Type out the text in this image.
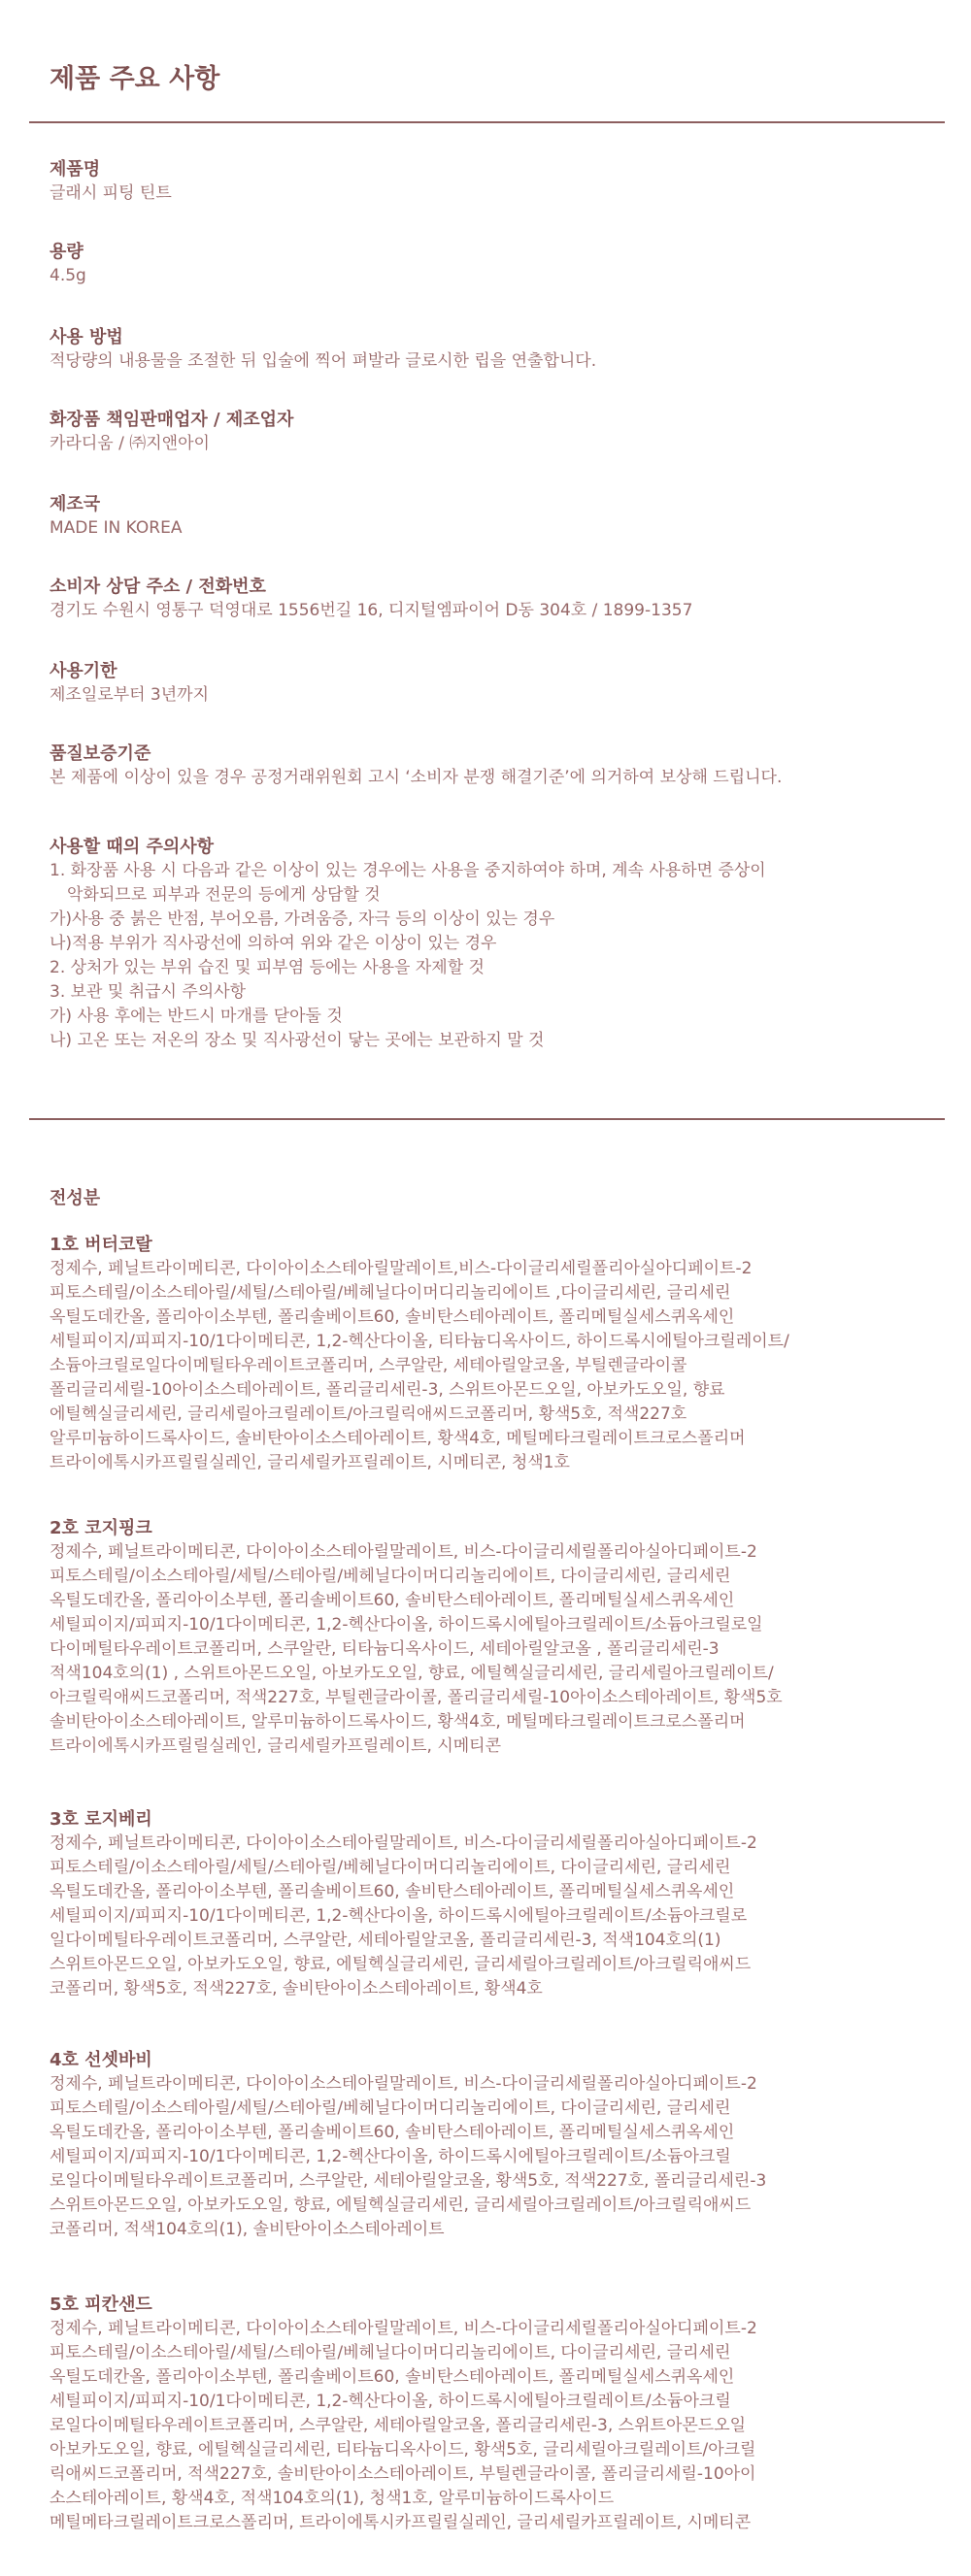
제품 주요 사항
제품명
글래시 피팅 틴트
용량
4.5g
사용 방법
적당량의 내용물을 조절한 뒤 입술에 찍어 펴발라 글로시한 립을 연출합니다.
화장품 책임판매업자 / 제조업자
카라디움 / ㈜지앤아이
제조국
MADE IN KOREA
소비자 상담 주소 / 전화번호
경기도 수원시 영통구 덕영대로 1556번길 16, 디지털엠파이어 D동 304호 / 1899-1357
사용기한
제조일로부터 3년까지
품질보증기준
본 제품에 이상이 있을 경우 공정거래위원회 고시 ‘소비자 분쟁 해결기준’에 의거하여 보상해 드립니다.
사용할 때의 주의사항
1. 화장품 사용 시 다음과 같은 이상이 있는 경우에는 사용을 중지하여야 하며, 계속 사용하면 증상이
악화되므로 피부과 전문의 등에게 상담할 것
가)사용 중 붉은 반점, 부어오름, 가려움증, 자극 등의 이상이 있는 경우
나)적용 부위가 직사광선에 의하여 위와 같은 이상이 있는 경우
2. 상처가 있는 부위 습진 및 피부염 등에는 사용을 자제할 것
3. 보관 및 취급시 주의사항
가) 사용 후에는 반드시 마개를 닫아둘 것
나) 고온 또는 저온의 장소 및 직사광선이 닿는 곳에는 보관하지 말 것
전성분
1호 버터코랄
정제수, 페닐트라이메티콘, 다이아이소스테아릴말레이트,비스-다이글리세릴폴리아실아디페이트-2
피토스테릴/이소스테아릴/세틸/스테아릴/베헤닐다이머디리놀리에이트 ,다이글리세린, 글리세린
옥틸도데칸올, 폴리아이소부텐, 폴리솔베이트60, 솔비탄스테아레이트, 폴리메틸실세스퀴옥세인
세틸피이지/피피지-10/1다이메티콘, 1,2-헥산다이올, 티타늄디옥사이드, 하이드록시에틸아크릴레이트/
소듐아크릴로일다이메틸타우레이트코폴리머, 스쿠알란, 세테아릴알코올, 부틸렌글라이콜
폴리글리세릴-10아이소스테아레이트, 폴리글리세린-3, 스위트아몬드오일, 아보카도오일, 향료
에틸헥실글리세린, 글리세릴아크릴레이트/아크릴릭애씨드코폴리머, 황색5호, 적색227호
알루미늄하이드록사이드, 솔비탄아이소스테아레이트, 황색4호, 메틸메타크릴레이트크로스폴리머
트라이에톡시카프릴릴실레인, 글리세릴카프릴레이트, 시메티콘, 청색1호
2호 코지핑크
정제수, 페닐트라이메티콘, 다이아이소스테아릴말레이트, 비스-다이글리세릴폴리아실아디페이트-2
피토스테릴/이소스테아릴/세틸/스테아릴/베헤닐다이머디리놀리에이트, 다이글리세린, 글리세린
옥틸도데칸올, 폴리아이소부텐, 폴리솔베이트60, 솔비탄스테아레이트, 폴리메틸실세스퀴옥세인
세틸피이지/피피지-10/1다이메티콘, 1,2-헥산다이올, 하이드록시에틸아크릴레이트/소듐아크릴로일
다이메틸타우레이트코폴리머, 스쿠알란, 티타늄디옥사이드, 세테아릴알코올 , 폴리글리세린-3
적색104호의(1) , 스위트아몬드오일, 아보카도오일, 향료, 에틸헥실글리세린, 글리세릴아크릴레이트/
아크릴릭애씨드코폴리머, 적색227호, 부틸렌글라이콜, 폴리글리세릴-10아이소스테아레이트, 황색5호
솔비탄아이소스테아레이트, 알루미늄하이드록사이드, 황색4호, 메틸메타크릴레이트크로스폴리머
트라이에톡시카프릴릴실레인, 글리세릴카프릴레이트, 시메티콘
3호 로지베리
정제수, 페닐트라이메티콘, 다이아이소스테아릴말레이트, 비스-다이글리세릴폴리아실아디페이트-2
피토스테릴/이소스테아릴/세틸/스테아릴/베헤닐다이머디리놀리에이트, 다이글리세린, 글리세린
옥틸도데칸올, 폴리아이소부텐, 폴리솔베이트60, 솔비탄스테아레이트, 폴리메틸실세스퀴옥세인
세틸피이지/피피지-10/1다이메티콘, 1,2-헥산다이올, 하이드록시에틸아크릴레이트/소듐아크릴로
일다이메틸타우레이트코폴리머, 스쿠알란, 세테아릴알코올, 폴리글리세린-3, 적색104호의(1)
스위트아몬드오일, 아보카도오일, 향료, 에틸헥실글리세린, 글리세릴아크릴레이트/아크릴릭애씨드
코폴리머, 황색5호, 적색227호, 솔비탄아이소스테아레이트, 황색4호
4호 선셋바비
정제수, 페닐트라이메티콘, 다이아이소스테아릴말레이트, 비스-다이글리세릴폴리아실아디페이트-2
피토스테릴/이소스테아릴/세틸/스테아릴/베헤닐다이머디리놀리에이트, 다이글리세린, 글리세린
옥틸도데칸올, 폴리아이소부텐, 폴리솔베이트60, 솔비탄스테아레이트, 폴리메틸실세스퀴옥세인
세틸피이지/피피지-10/1다이메티콘, 1,2-헥산다이올, 하이드록시에틸아크릴레이트/소듐아크릴
로일다이메틸타우레이트코폴리머, 스쿠알란, 세테아릴알코올, 황색5호, 적색227호, 폴리글리세린-3
스위트아몬드오일, 아보카도오일, 향료, 에틸헥실글리세린, 글리세릴아크릴레이트/아크릴릭애씨드
코폴리머, 적색104호의(1), 솔비탄아이소스테아레이트
5호 피칸샌드
정제수, 페닐트라이메티콘, 다이아이소스테아릴말레이트, 비스-다이글리세릴폴리아실아디페이트-2
피토스테릴/이소스테아릴/세틸/스테아릴/베헤닐다이머디리놀리에이트, 다이글리세린, 글리세린
옥틸도데칸올, 폴리아이소부텐, 폴리솔베이트60, 솔비탄스테아레이트, 폴리메틸실세스퀴옥세인
세틸피이지/피피지-10/1다이메티콘, 1,2-헥산다이올, 하이드록시에틸아크릴레이트/소듐아크릴
로일다이메틸타우레이트코폴리머, 스쿠알란, 세테아릴알코올, 폴리글리세린-3, 스위트아몬드오일
아보카도오일, 향료, 에틸헥실글리세린, 티타늄디옥사이드, 황색5호, 글리세릴아크릴레이트/아크릴
릭애씨드코폴리머, 적색227호, 솔비탄아이소스테아레이트, 부틸렌글라이콜, 폴리글리세릴-10아이
소스테아레이트, 황색4호, 적색104호의(1), 청색1호, 알루미늄하이드록사이드
메틸메타크릴레이트크로스폴리머, 트라이에톡시카프릴릴실레인, 글리세릴카프릴레이트, 시메티콘
